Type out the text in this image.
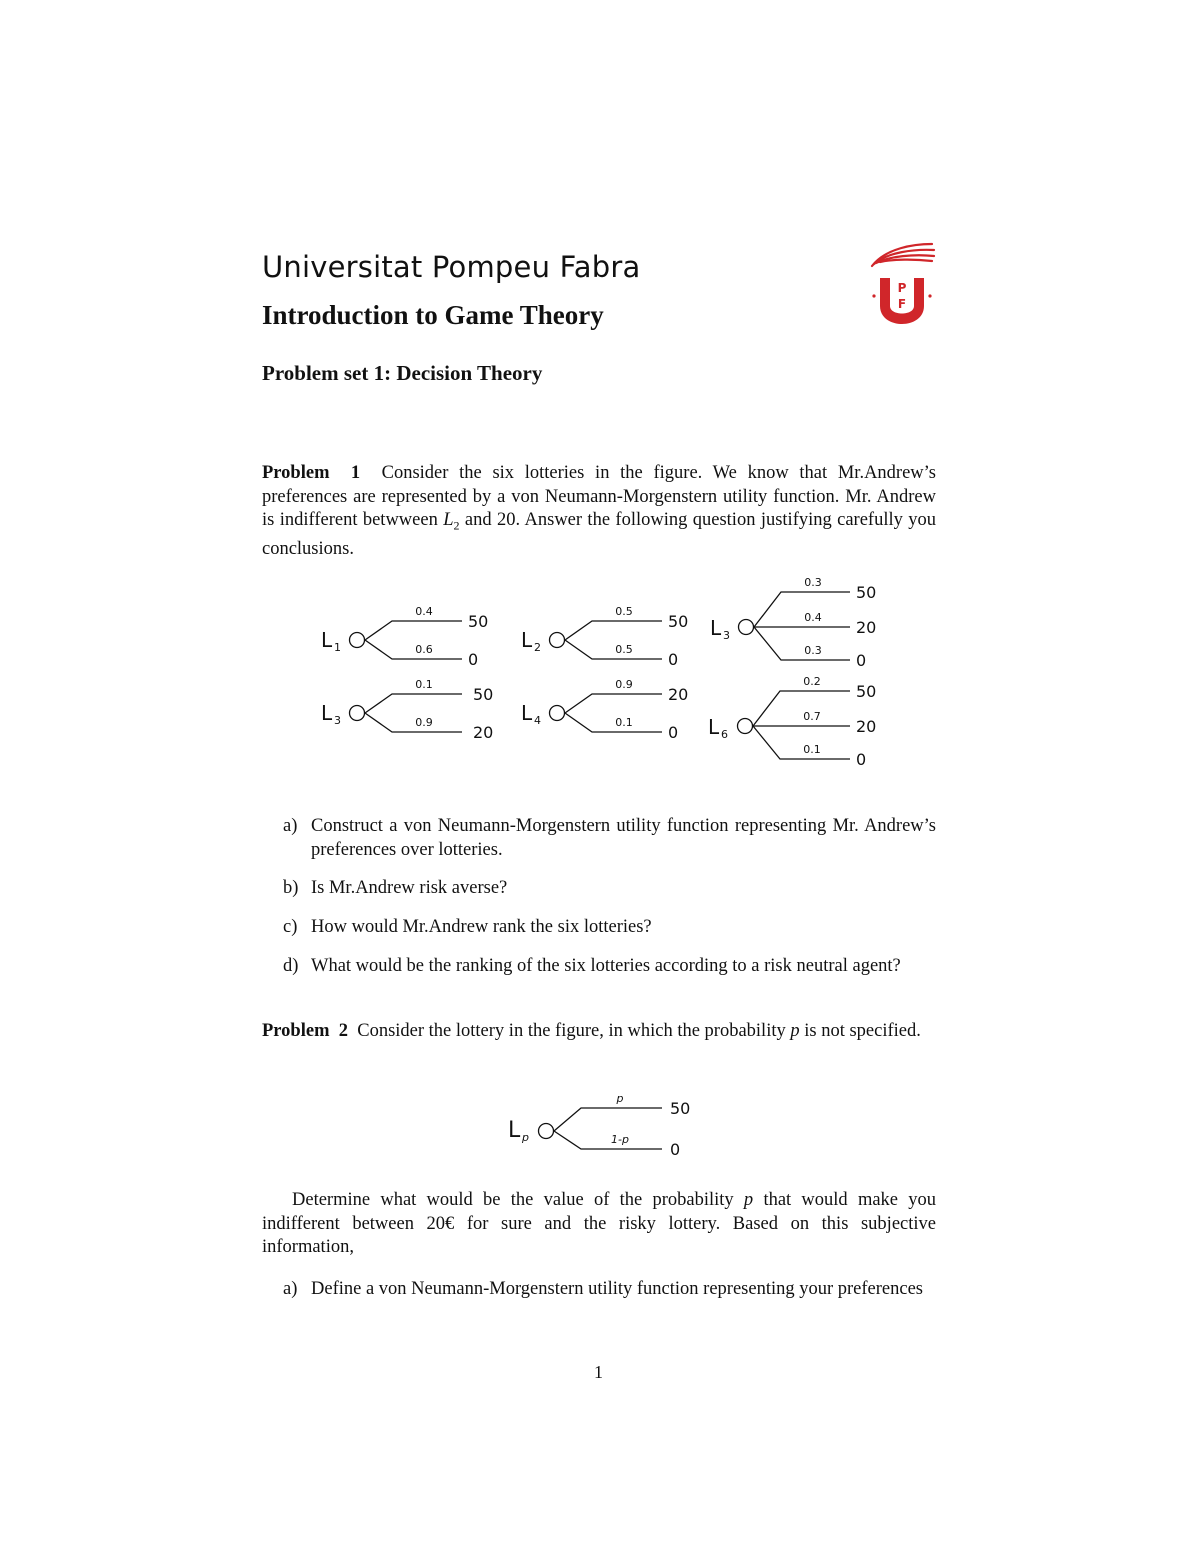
Universitat Pompeu Fabra
Introduction to Game Theory
Problem set 1: Decision Theory
P
F
Problem 1 Consider the six lotteries in the figure. We know that Mr.Andrew’s preferences are represented by a von Neumann-Morgenstern utility function. Mr. Andrew is indifferent betwween $L_2$ and 20. Answer the following question justifying carefully you conclusions.
L 1
0.4
50
0.6
0
L 2
0.5
50
0.5
0
L 3
0.3
50
0.4
20
0.3
0
L 3
0.1
50
0.9
20
L 4
0.9
20
0.1
0 L 6
0.2
50
0.7
20
0.1
0
a) Construct a von Neumann-Morgenstern utility function representing Mr. Andrew’s preferences over lotteries.
b) Is Mr.Andrew risk averse?
c) How would Mr.Andrew rank the six lotteries?
d) What would be the ranking of the six lotteries according to a risk neutral agent?
Problem 2 Consider the lottery in the figure, in which the probability p is not specified.
L p
p
50
1-p
0
Determine what would be the value of the probability p that would make you indifferent between 20€ for sure and the risky lottery. Based on this subjective information,
a) Define a von Neumann-Morgenstern utility function representing your preferences
1
